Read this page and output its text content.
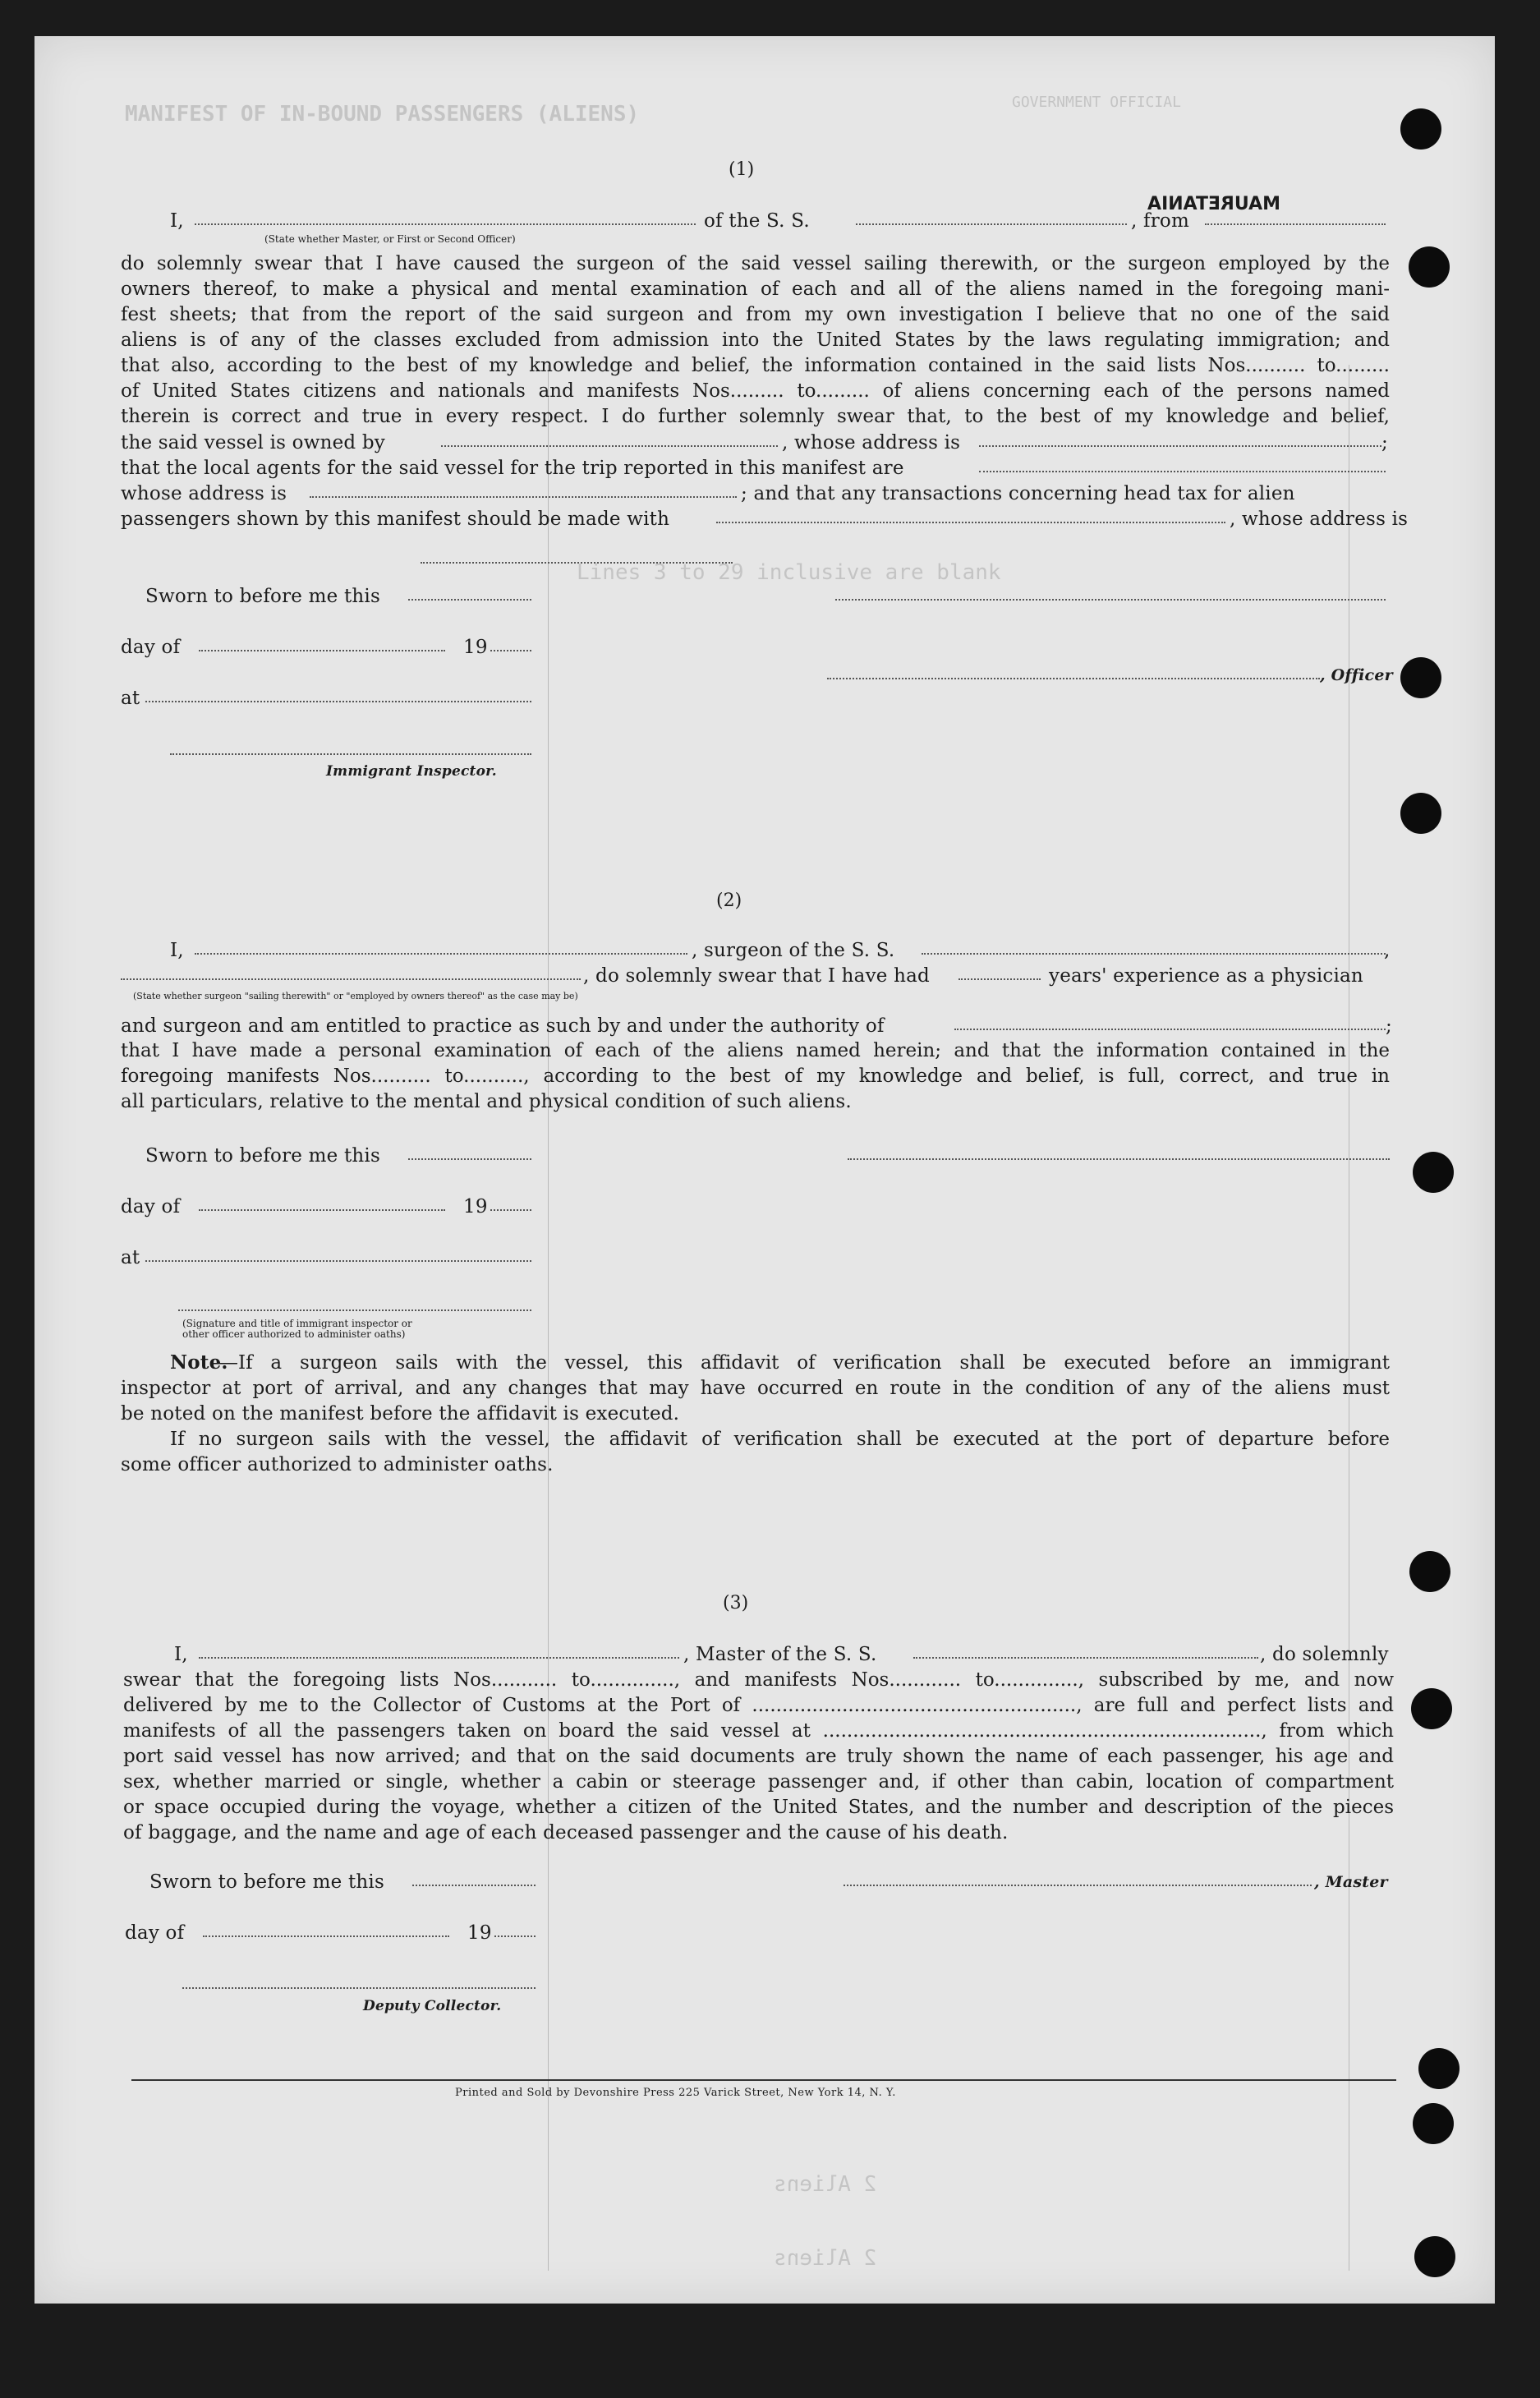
MANIFEST OF IN-BOUND PASSENGERS (ALIENS)	GOVERNMENT OFFICIAL
Lines 3 to 29 inclusive are blank
2 Aliens
2 Aliens
MAURETANIA
(1)
I,	of the S. S.	, from
(State whether Master, or First or Second Officer)
do solemnly swear that I have caused the surgeon of the said vessel sailing therewith, or the surgeon employed by the
owners thereof, to make a physical and mental examination of each and all of the aliens named in the foregoing mani-
fest sheets; that from the report of the said surgeon and from my own investigation I believe that no one of the said
aliens is of any of the classes excluded from admission into the United States by the laws regulating immigration; and
that also, according to the best of my knowledge and belief, the information contained in the said lists Nos.......... to.........
of United States citizens and nationals and manifests Nos......... to......... of aliens concerning each of the persons named
therein is correct and true in every respect. I do further solemnly swear that, to the best of my knowledge and belief,
the said vessel is owned by	, whose address is	;
that the local agents for the said vessel for the trip reported in this manifest are
whose address is	; and that any transactions concerning head tax for alien
passengers shown by this manifest should be made with	, whose address is
Sworn to before me this
day of	19
, Officer
at
Immigrant Inspector.
(2)
I,	, surgeon of the S. S.	,
, do solemnly swear that I have had	years' experience as a physician
(State whether surgeon "sailing therewith" or "employed by owners thereof" as the case may be)
and surgeon and am entitled to practice as such by and under the authority of	;
that I have made a personal examination of each of the aliens named herein; and that the information contained in the
foregoing manifests Nos.......... to.........., according to the best of my knowledge and belief, is full, correct, and true in
all particulars, relative to the mental and physical condition of such aliens.
Sworn to before me this
day of	19
at
(Signature and title of immigrant inspector or
other officer authorized to administer oaths)
Note.
—If a surgeon sails with the vessel, this affidavit of verification shall be executed before an immigrant
inspector at port of arrival, and any changes that may have occurred en route in the condition of any of the aliens must
be noted on the manifest before the affidavit is executed.
If no surgeon sails with the vessel, the affidavit of verification shall be executed at the port of departure before
some officer authorized to administer oaths.
(3)
I,	, Master of the S. S.	, do solemnly
swear that the foregoing lists Nos........... to.............., and manifests Nos............ to.............., subscribed by me, and now
delivered by me to the Collector of Customs at the Port of ......................................................, are full and perfect lists and
manifests of all the passengers taken on board the said vessel at ........................................................................., from which
port said vessel has now arrived; and that on the said documents are truly shown the name of each passenger, his age and
sex, whether married or single, whether a cabin or steerage passenger and, if other than cabin, location of compartment
or space occupied during the voyage, whether a citizen of the United States, and the number and description of the pieces
of baggage, and the name and age of each deceased passenger and the cause of his death.
Sworn to before me this	, Master
day of	19
Deputy Collector.
Printed and Sold by Devonshire Press 225 Varick Street, New York 14, N. Y.
